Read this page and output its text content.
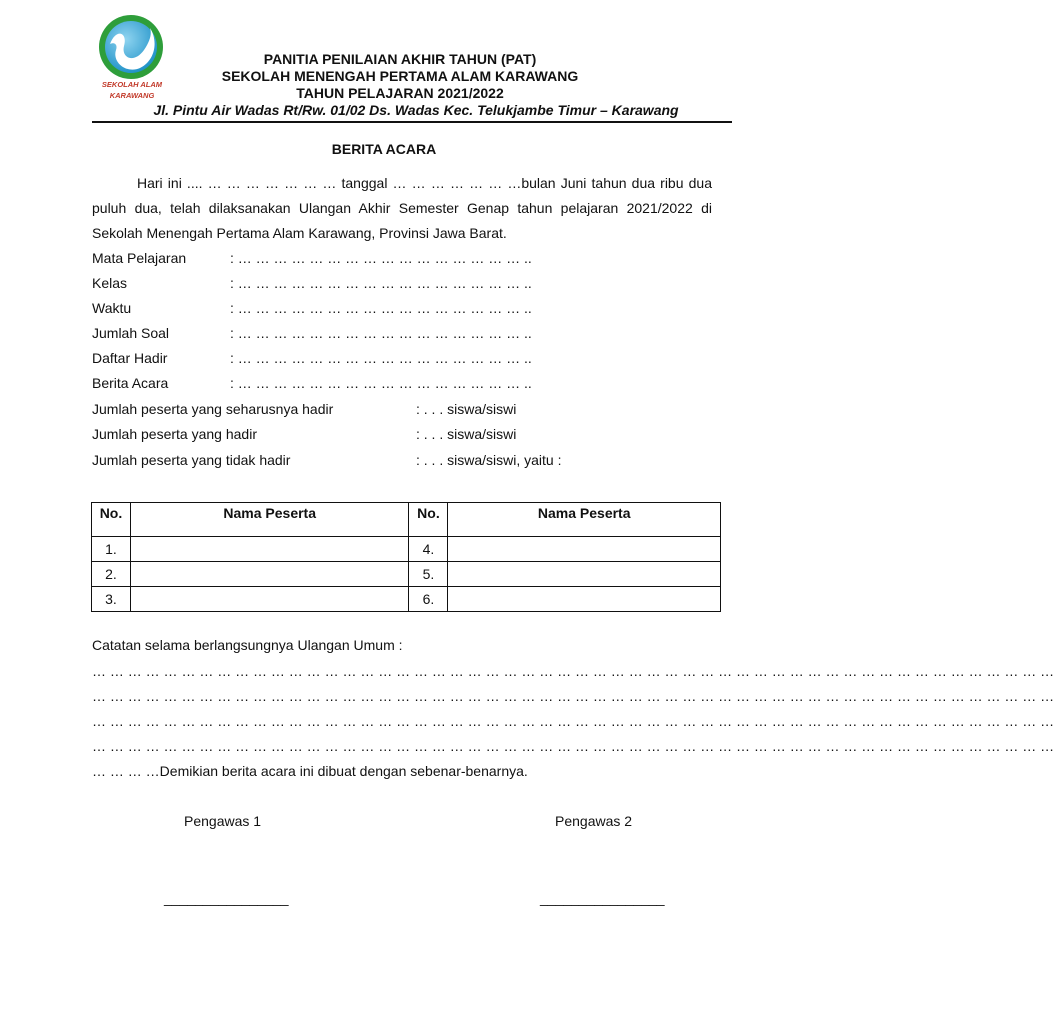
SEKOLAH ALAM
KARAWANG
PANITIA PENILAIAN AKHIR TAHUN (PAT)
SEKOLAH MENENGAH PERTAMA ALAM KARAWANG
TAHUN PELAJARAN 2021/2022
Jl. Pintu Air Wadas Rt/Rw. 01/02 Ds. Wadas Kec. Telukjambe Timur – Karawang
BERITA ACARA
Hari ini .... … … … … … … … tanggal … … … … … … …bulan Juni tahun dua ribu dua puluh dua, telah dilaksanakan Ulangan Akhir Semester Genap tahun pelajaran 2021/2022 di Sekolah Menengah Pertama Alam Karawang, Provinsi Jawa Barat.
Mata Pelajaran	: … … … … … … … … … … … … … … … … ..
Kelas	: … … … … … … … … … … … … … … … … ..
Waktu	: … … … … … … … … … … … … … … … … ..
Jumlah Soal	: … … … … … … … … … … … … … … … … ..
Daftar Hadir	: … … … … … … … … … … … … … … … … ..
Berita Acara	: … … … … … … … … … … … … … … … … ..
Jumlah peserta yang seharusnya hadir	: . . . siswa/siswi
Jumlah peserta yang hadir	: . . . siswa/siswi
Jumlah peserta yang tidak hadir	: . . . siswa/siswi, yaitu :
No.	Nama Peserta	No.	Nama Peserta
1.		4.	
2.		5.	
3.		6.	
Catatan selama berlangsungnya Ulangan Umum :
… … … … … … … … … … … … … … … … … … … … … … … … … … … … … … … … … … … … … … … … … … … … … … … … … … … … … …
… … … … … … … … … … … … … … … … … … … … … … … … … … … … … … … … … … … … … … … … … … … … … … … … … … … … … …
… … … … … … … … … … … … … … … … … … … … … … … … … … … … … … … … … … … … … … … … … … … … … … … … … … … … … …
… … … … … … … … … … … … … … … … … … … … … … … … … … … … … … … … … … … … … … … … … … … … … … … … … … … … … …
… … … …Demikian berita acara ini dibuat dengan sebenar-benarnya.
Pengawas 1	Pengawas 2
________________	________________
